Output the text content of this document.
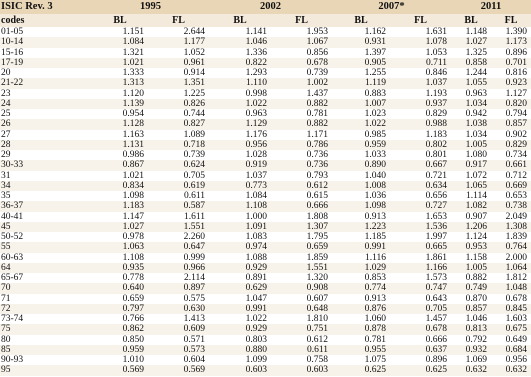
ISIC Rev. 3	1995	2002	2007*	2011
codes	BL	FL	BL	FL	BL	FL	BL	FL
01-05	1.151	2.644	1.141	1.953	1.162	1.631	1.148	1.390
10-14	1.084	1.177	1.046	1.067	0.931	1.078	1.027	1.173
15-16	1.321	1.052	1.336	0.856	1.397	1.053	1.325	0.896
17-19	1.021	0.961	0.822	0.678	0.905	0.711	0.858	0.701
20	1.333	0.914	1.293	0.739	1.255	0.846	1.244	0.816
21-22	1.313	1.351	1.110	1.002	1.119	1.037	1.055	0.923
23	1.120	1.225	0.998	1.437	0.883	1.193	0.963	1.127
24	1.139	0.826	1.022	0.882	1.007	0.937	1.034	0.820
25	0.954	0.744	0.963	0.781	1.023	0.829	0.942	0.794
26	1.128	0.827	1.129	0.882	1.022	0.988	1.038	0.857
27	1.163	1.089	1.176	1.171	0.985	1.183	1.034	0.902
28	1.131	0.718	0.956	0.786	0.959	0.802	1.005	0.829
29	0.986	0.739	1.028	0.736	1.033	0.801	1.080	0.734
30-33	0.867	0.624	0.919	0.736	0.890	0.667	0.917	0.661
31	1.021	0.705	1.037	0.793	1.040	0.721	1.072	0.712
34	0.834	0.619	0.773	0.612	1.008	0.634	1.065	0.669
35	1.098	0.611	1.084	0.615	1.036	0.656	1.114	0.653
36-37	1.183	0.587	1.108	0.666	1.098	0.727	1.082	0.738
40-41	1.147	1.611	1.000	1.808	0.913	1.653	0.907	2.049
45	1.027	1.551	1.091	1.307	1.223	1.536	1.206	1.308
50-52	0.978	2.260	1.083	1.795	1.185	1.997	1.124	1.839
55	1.063	0.647	0.974	0.659	0.991	0.665	0.953	0.764
60-63	1.108	0.999	1.088	1.859	1.116	1.861	1.158	2.000
64	0.935	0.966	0.929	1.551	1.029	1.166	1.005	1.064
65-67	0.778	2.114	0.891	1.320	0.853	1.573	0.882	1.812
70	0.640	0.897	0.629	0.908	0.774	0.747	0.749	1.048
71	0.659	0.575	1.047	0.607	0.913	0.643	0.870	0.678
72	0.797	0.630	0.991	0.648	0.876	0.705	0.857	0.845
73-74	0.766	1.413	1.022	1.810	1.060	1.457	1.046	1.603
75	0.862	0.609	0.929	0.751	0.878	0.678	0.813	0.675
80	0.850	0.571	0.803	0.612	0.781	0.666	0.792	0.649
85	0.959	0.573	0.880	0.611	0.955	0.637	0.932	0.684
90-93	1.010	0.604	1.099	0.758	1.075	0.896	1.069	0.956
95	0.569	0.569	0.603	0.603	0.625	0.625	0.632	0.632
